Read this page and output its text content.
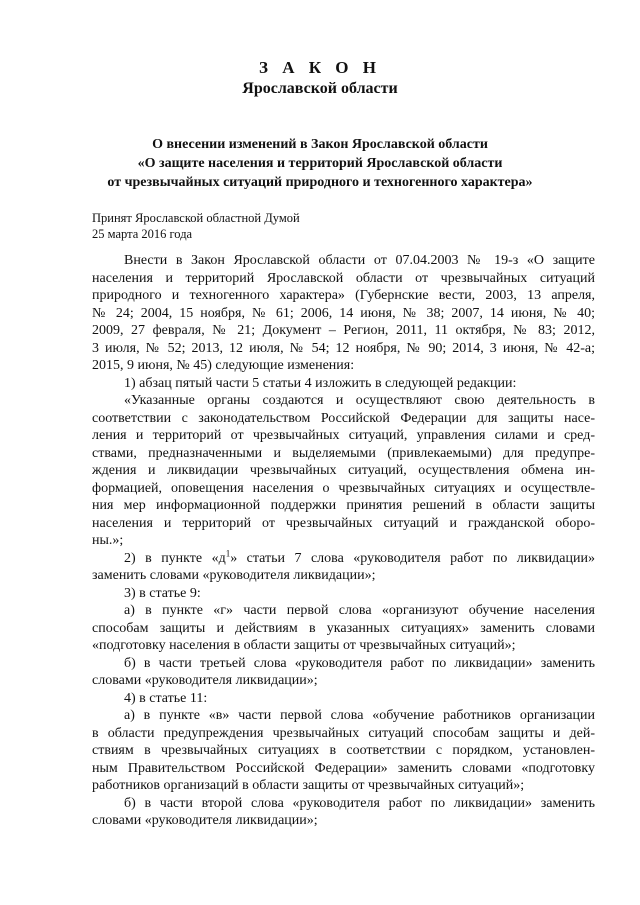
З А К О Н
Ярославской области
О внесении изменений в Закон Ярославской области
«О защите населения и территорий Ярославской области
от чрезвычайных ситуаций природного и техногенного характера»
Принят Ярославской областной Думой
25 марта 2016 года

Внести в Закон Ярославской области от 07.04.2003 № 19-з «О защите
населения и территорий Ярославской области от чрезвычайных ситуаций
природного и техногенного характера» (Губернские вести, 2003, 13 апреля,
№ 24; 2004, 15 ноября, № 61; 2006, 14 июня, № 38; 2007, 14 июня, № 40;
2009, 27 февраля, № 21; Документ – Регион, 2011, 11 октября, № 83; 2012,
3 июля, № 52; 2013, 12 июля, № 54; 12 ноября, № 90; 2014, 3 июня, № 42-а;
2015, 9 июня, № 45) следующие изменения:

1) абзац пятый части 5 статьи 4 изложить в следующей редакции:

«Указанные органы создаются и осуществляют свою деятельность в
соответствии с законодательством Российской Федерации для защиты насе-
ления и территорий от чрезвычайных ситуаций, управления силами и сред-
ствами, предназначенными и выделяемыми (привлекаемыми) для предупре-
ждения и ликвидации чрезвычайных ситуаций, осуществления обмена ин-
формацией, оповещения населения о чрезвычайных ситуациях и осуществле-
ния мер информационной поддержки принятия решений в области защиты
населения и территорий от чрезвычайных ситуаций и гражданской оборо-
ны.»;

2) в пункте «$д^1$» статьи 7 слова «руководителя работ по ликвидации»
заменить словами «руководителя ликвидации»;

3) в статье 9:

а) в пункте «г» части первой слова «организуют обучение населения
способам защиты и действиям в указанных ситуациях» заменить словами
«подготовку населения в области защиты от чрезвычайных ситуаций»;

б) в части третьей слова «руководителя работ по ликвидации» заменить
словами «руководителя ликвидации»;

4) в статье 11:

а) в пункте «в» части первой слова «обучение работников организации
в области предупреждения чрезвычайных ситуаций способам защиты и дей-
ствиям в чрезвычайных ситуациях в соответствии с порядком, установлен-
ным Правительством Российской Федерации» заменить словами «подготовку
работников организаций в области защиты от чрезвычайных ситуаций»;

б) в части второй слова «руководителя работ по ликвидации» заменить
словами «руководителя ликвидации»;
